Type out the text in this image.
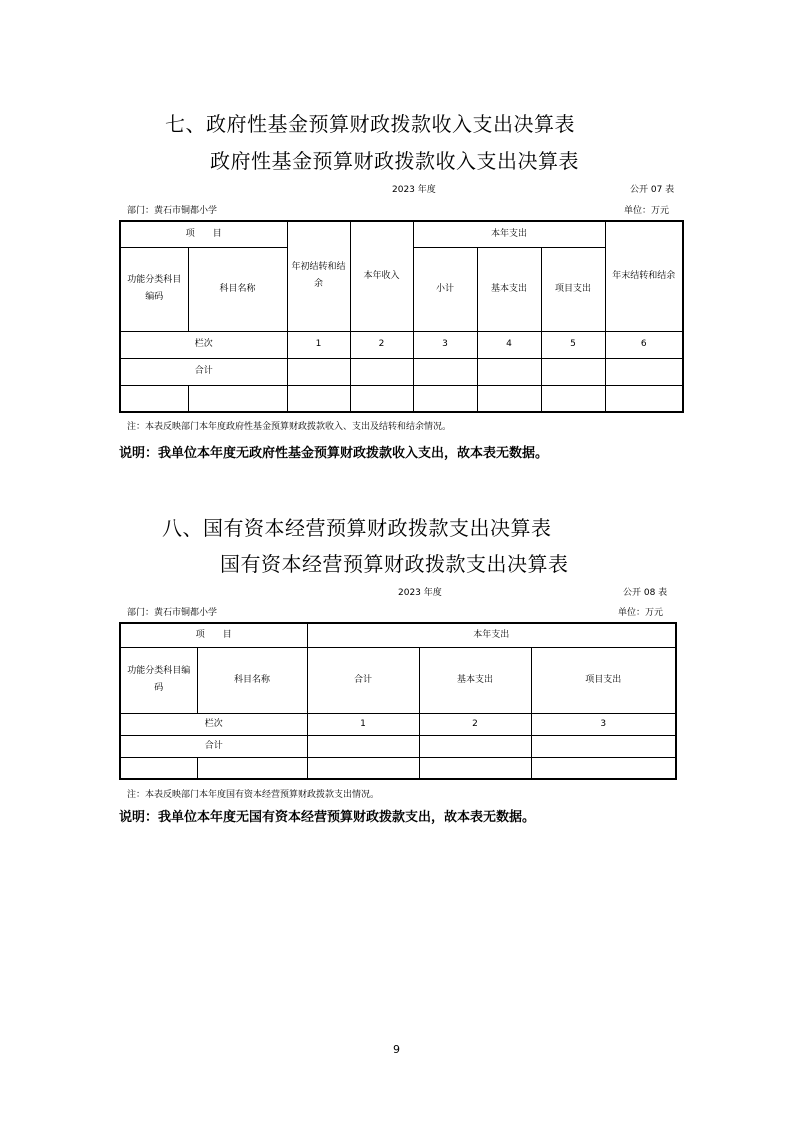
七、政府性基金预算财政拨款收入支出决算表
政府性基金预算财政拨款收入支出决算表
2023 年度	公开 07 表
部门：黄石市铜都小学	单位：万元
项　　目		年初结转和结余	本年收入	本年支出			年末结转和结余
功能分类科目编码	科目名称			小计	基本支出	项目支出	
栏次		1	2	3	4	5	6
合计							

注：本表反映部门本年度政府性基金预算财政拨款收入、支出及结转和结余情况。
说明：我单位本年度无政府性基金预算财政拨款收入支出，故本表无数据。
八、国有资本经营预算财政拨款支出决算表
国有资本经营预算财政拨款支出决算表
2023 年度	公开 08 表
部门：黄石市铜都小学	单位：万元
项　　目		本年支出		
功能分类科目编码	科目名称	合计	基本支出	项目支出
栏次		1	2	3
合计				

注：本表反映部门本年度国有资本经营预算财政拨款支出情况。
说明：我单位本年度无国有资本经营预算财政拨款支出，故本表无数据。
9
